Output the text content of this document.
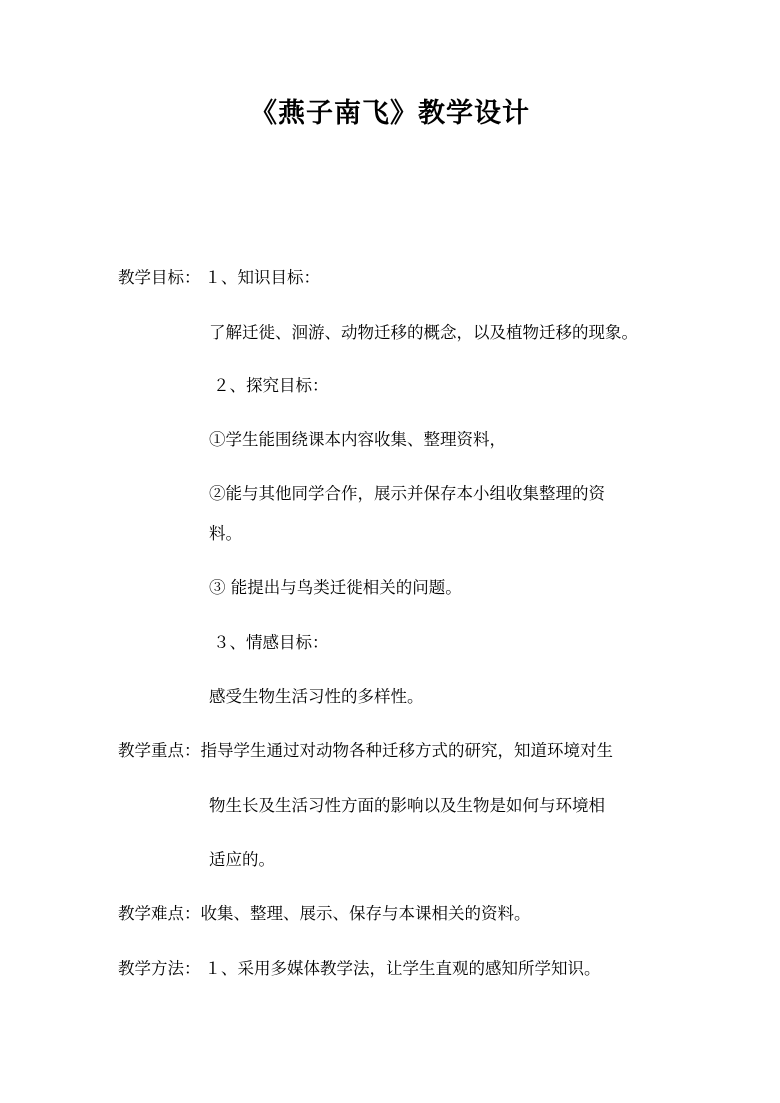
《燕子南飞》教学设计
教学目标： １、知识目标：
了解迁徙、洄游、动物迁移的概念，以及植物迁移的现象。
２、探究目标：
①学生能围绕课本内容收集、整理资料，
②能与其他同学合作，展示并保存本小组收集整理的资
料。
③ 能提出与鸟类迁徙相关的问题。
３、情感目标：
感受生物生活习性的多样性。
教学重点：指导学生通过对动物各种迁移方式的研究，知道环境对生
物生长及生活习性方面的影响以及生物是如何与环境相
适应的。
教学难点：收集、整理、展示、保存与本课相关的资料。
教学方法： １、采用多媒体教学法，让学生直观的感知所学知识。
